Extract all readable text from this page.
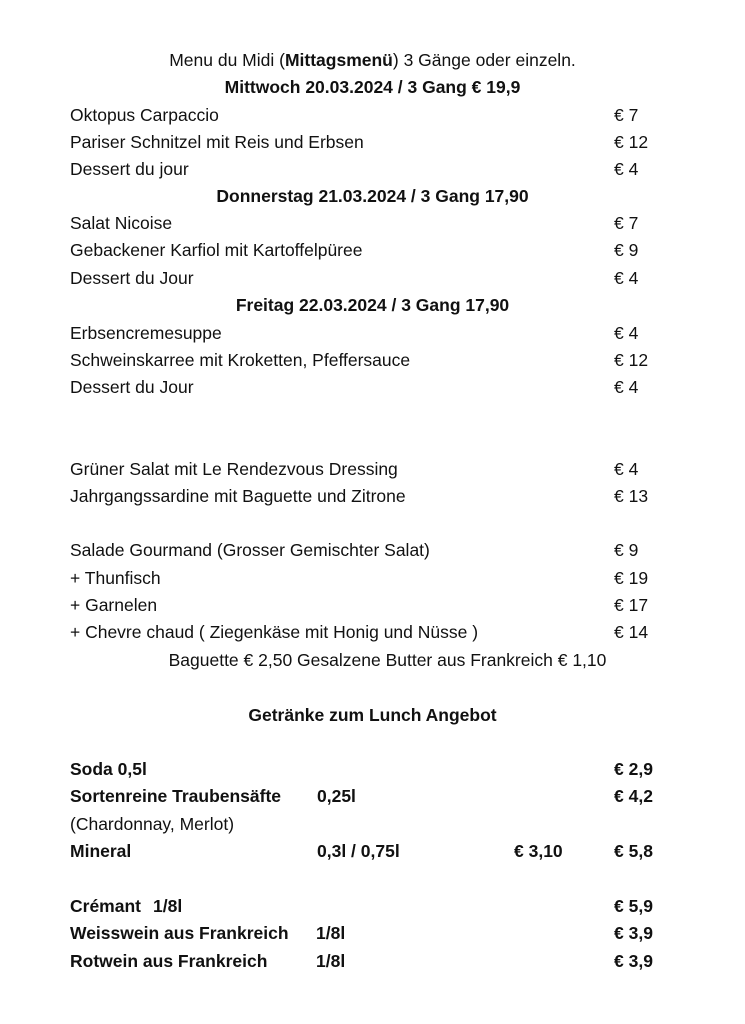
Menu du Midi (Mittagsmenü) 3 Gänge oder einzeln.
Mittwoch 20.03.2024 / 3 Gang € 19,9
Oktopus Carpaccio	€ 7
Pariser Schnitzel mit Reis und Erbsen	€ 12
Dessert du jour	€ 4
Donnerstag 21.03.2024 / 3 Gang 17,90
Salat Nicoise	€ 7
Gebackener Karfiol mit Kartoffelpüree	€ 9
Dessert du Jour	€ 4
Freitag 22.03.2024 / 3 Gang 17,90
Erbsencremesuppe	€ 4
Schweinskarree mit Kroketten, Pfeffersauce	€ 12
Dessert du Jour	€ 4
Grüner Salat mit Le Rendezvous Dressing	€ 4
Jahrgangssardine mit Baguette und Zitrone	€ 13
Salade Gourmand (Grosser Gemischter Salat)	€ 9
+ Thunfisch	€ 19
+ Garnelen	€ 17
+ Chevre chaud ( Ziegenkäse mit Honig und Nüsse )	€ 14
Baguette € 2,50 Gesalzene Butter aus Frankreich € 1,10
Getränke zum Lunch Angebot
Soda 0,5l	€ 2,9
Sortenreine Traubensäfte 0,25l	€ 4,2
(Chardonnay, Merlot)
Mineral	0,3l / 0,75l	€ 3,10	€ 5,8
Crémant 1/8l	€ 5,9
Weisswein aus Frankreich 1/8l	€ 3,9
Rotwein aus Frankreich	1/8l	€ 3,9
